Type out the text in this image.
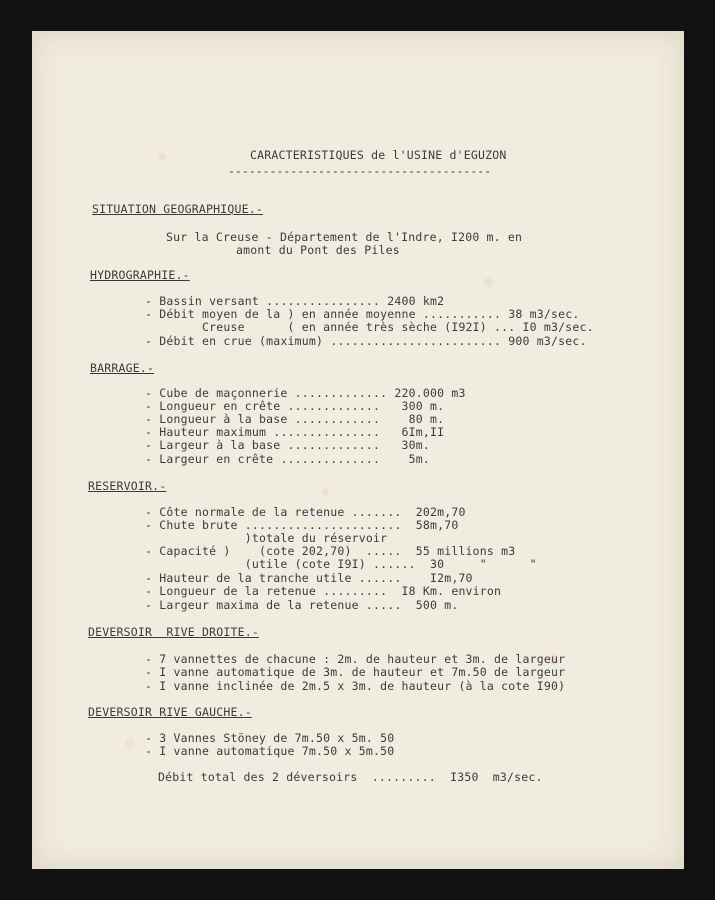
CARACTERISTIQUES de l'USINE d'EGUZON
--------------------------------------
SITUATION GEOGRAPHIQUE.-
Sur la Creuse - Département de l'Indre, I200 m. en
amont du Pont des Piles
HYDROGRAPHIE.-
- Bassin versant ................ 2400 km2
- Débit moyen de la ) en année moyenne ........... 38 m3/sec.
Creuse      ( en année très sèche (I92I) ... I0 m3/sec.
- Débit en crue (maximum) ........................ 900 m3/sec.
BARRAGE.-
- Cube de maçonnerie ............. 220.000 m3
- Longueur en crête .............   300 m.
- Longueur à la base ............    80 m.
- Hauteur maximum ...............   6Im,II
- Largeur à la base .............   30m.
- Largeur en crête ..............    5m.
RESERVOIR.-
- Côte normale de la retenue .......  202m,70
- Chute brute ......................  58m,70
)totale du réservoir
- Capacité )    (cote 202,70)  .....  55 millions m3
(utile (cote I9I) ......  30     "      "
- Hauteur de la tranche utile ......    I2m,70
- Longueur de la retenue .........  I8 Km. environ
- Largeur maxima de la retenue .....  500 m.
DEVERSOIR  RIVE DROITE.-
- 7 vannettes de chacune : 2m. de hauteur et 3m. de largeur
- I vanne automatique de 3m. de hauteur et 7m.50 de largeur
- I vanne inclinée de 2m.5 x 3m. de hauteur (à la cote I90)
DEVERSOIR RIVE GAUCHE.-
- 3 Vannes Stöney de 7m.50 x 5m. 50
- I vanne automatique 7m.50 x 5m.50
Débit total des 2 déversoirs  .........  I350  m3/sec.
